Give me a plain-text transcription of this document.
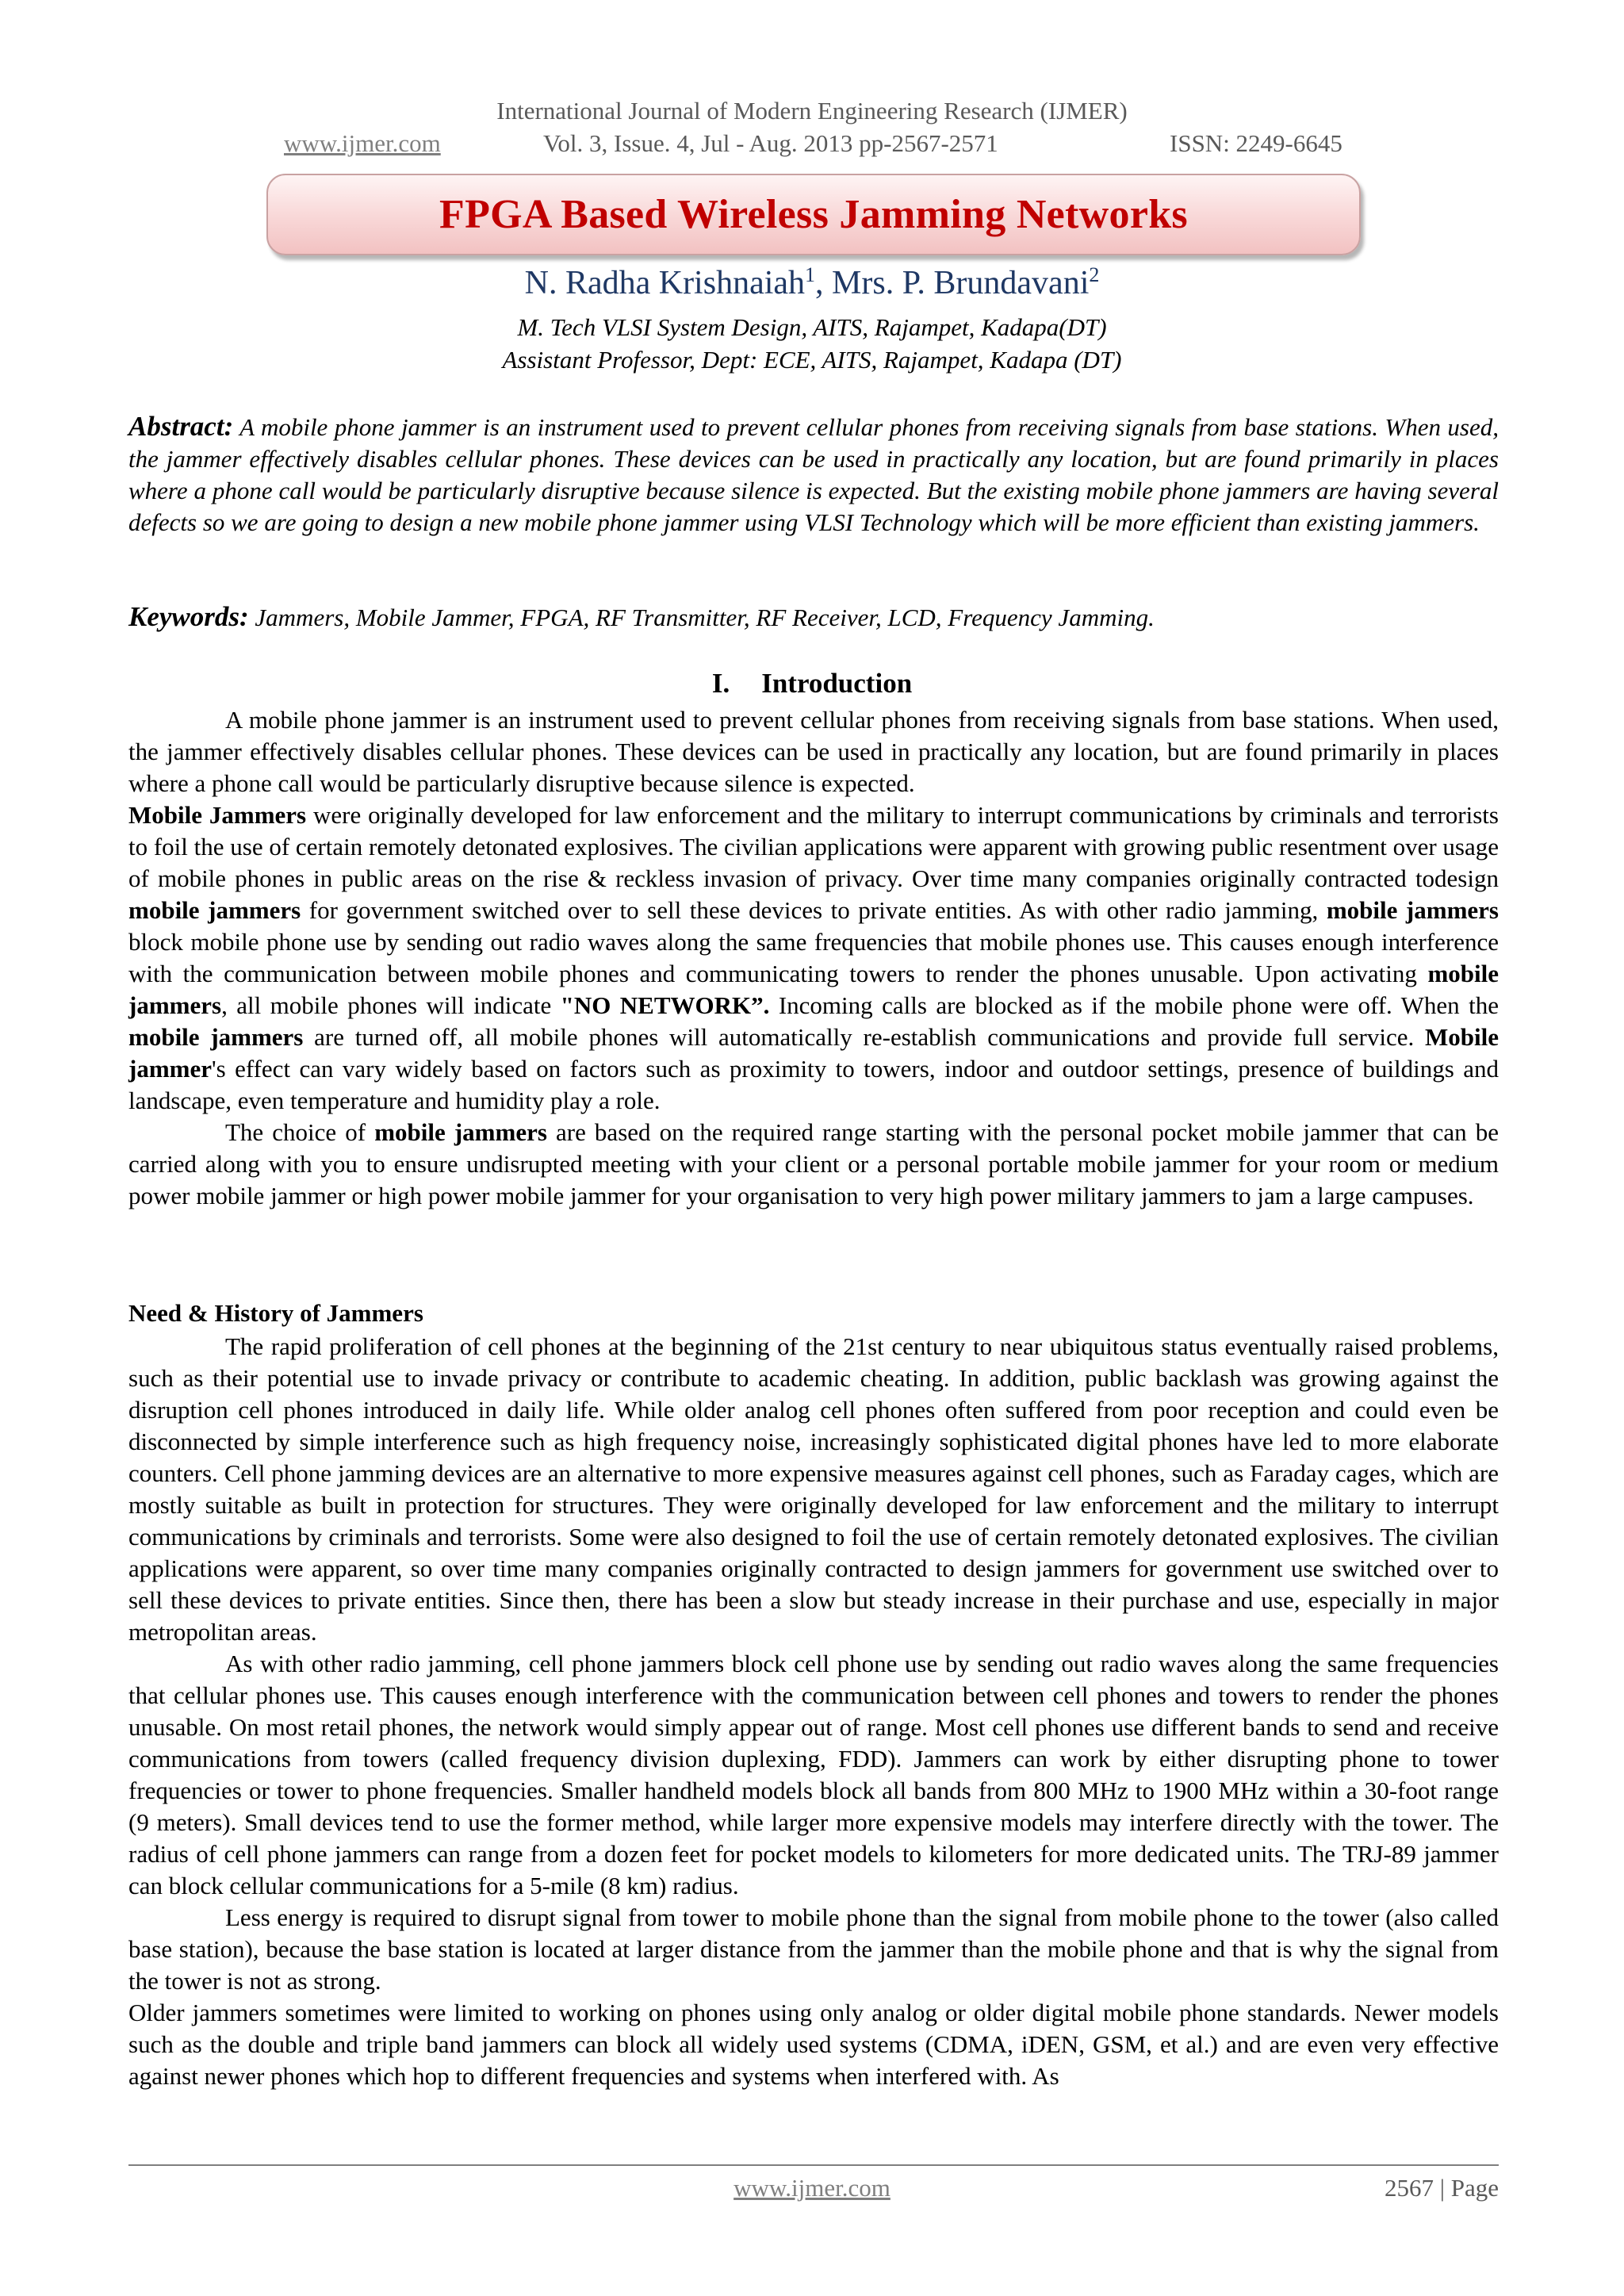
International Journal of Modern Engineering Research (IJMER)
www.ijmer.com	Vol. 3, Issue. 4, Jul - Aug. 2013 pp-2567-2571	ISSN: 2249-6645
FPGA Based Wireless Jamming Networks
N. Radha Krishnaiah$^1$, Mrs. P. Brundavani$^2$
M. Tech VLSI System Design, AITS, Rajampet, Kadapa(DT)
Assistant Professor, Dept: ECE, AITS, Rajampet, Kadapa (DT)
Abstract: A mobile phone jammer is an instrument used to prevent cellular phones from receiving signals from base stations. When used, the jammer effectively disables cellular phones. These devices can be used in practically any location, but are found primarily in places where a phone call would be particularly disruptive because silence is expected. But the existing mobile phone jammers are having several defects so we are going to design a new mobile phone jammer using VLSI Technology which will be more efficient than existing jammers.
Keywords: Jammers, Mobile Jammer, FPGA, RF Transmitter, RF Receiver, LCD, Frequency Jamming.
I. Introduction

A mobile phone jammer is an instrument used to prevent cellular phones from receiving signals from base stations. When used, the jammer effectively disables cellular phones. These devices can be used in practically any location, but are found primarily in places where a phone call would be particularly disruptive because silence is expected.

Mobile Jammers were originally developed for law enforcement and the military to interrupt communications by criminals and terrorists to foil the use of certain remotely detonated explosives. The civilian applications were apparent with growing public resentment over usage of mobile phones in public areas on the rise & reckless invasion of privacy. Over time many companies originally contracted todesign mobile jammers for government switched over to sell these devices to private entities. As with other radio jamming, mobile jammers block mobile phone use by sending out radio waves along the same frequencies that mobile phones use. This causes enough interference with the communication between mobile phones and communicating towers to render the phones unusable. Upon activating mobile jammers, all mobile phones will indicate "NO NETWORK”. Incoming calls are blocked as if the mobile phone were off. When the mobile jammers are turned off, all mobile phones will automatically re-establish communications and provide full service. Mobile jammer's effect can vary widely based on factors such as proximity to towers, indoor and outdoor settings, presence of buildings and landscape, even temperature and humidity play a role.

The choice of mobile jammers are based on the required range starting with the personal pocket mobile jammer that can be carried along with you to ensure undisrupted meeting with your client or a personal portable mobile jammer for your room or medium power mobile jammer or high power mobile jammer for your organisation to very high power military jammers to jam a large campuses.

Need & History of Jammers

The rapid proliferation of cell phones at the beginning of the 21st century to near ubiquitous status eventually raised problems, such as their potential use to invade privacy or contribute to academic cheating. In addition, public backlash was growing against the disruption cell phones introduced in daily life. While older analog cell phones often suffered from poor reception and could even be disconnected by simple interference such as high frequency noise, increasingly sophisticated digital phones have led to more elaborate counters. Cell phone jamming devices are an alternative to more expensive measures against cell phones, such as Faraday cages, which are mostly suitable as built in protection for structures. They were originally developed for law enforcement and the military to interrupt communications by criminals and terrorists. Some were also designed to foil the use of certain remotely detonated explosives. The civilian applications were apparent, so over time many companies originally contracted to design jammers for government use switched over to sell these devices to private entities. Since then, there has been a slow but steady increase in their purchase and use, especially in major metropolitan areas.

As with other radio jamming, cell phone jammers block cell phone use by sending out radio waves along the same frequencies that cellular phones use. This causes enough interference with the communication between cell phones and towers to render the phones unusable. On most retail phones, the network would simply appear out of range. Most cell phones use different bands to send and receive communications from towers (called frequency division duplexing, FDD). Jammers can work by either disrupting phone to tower frequencies or tower to phone frequencies. Smaller handheld models block all bands from 800 MHz to 1900 MHz within a 30-foot range (9 meters). Small devices tend to use the former method, while larger more expensive models may interfere directly with the tower. The radius of cell phone jammers can range from a dozen feet for pocket models to kilometers for more dedicated units. The TRJ-89 jammer can block cellular communications for a 5-mile (8 km) radius.

Less energy is required to disrupt signal from tower to mobile phone than the signal from mobile phone to the tower (also called base station), because the base station is located at larger distance from the jammer than the mobile phone and that is why the signal from the tower is not as strong.

Older jammers sometimes were limited to working on phones using only analog or older digital mobile phone standards. Newer models such as the double and triple band jammers can block all widely used systems (CDMA, iDEN, GSM, et al.) and are even very effective against newer phones which hop to different frequencies and systems when interfered with. As

www.ijmer.com	2567 | Page
